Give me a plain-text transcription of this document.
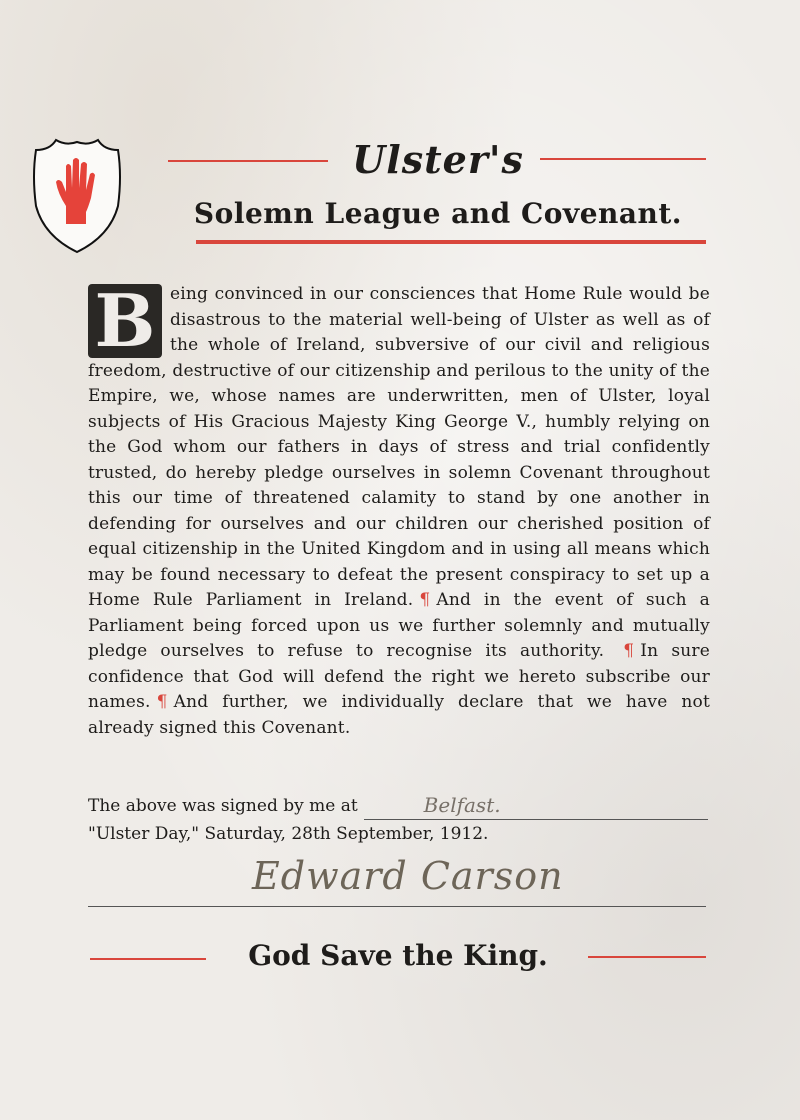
Ulster's
Solemn League and Covenant.
B eing convinced in our consciences that Home Rule would be disastrous to the material well-being of Ulster as well as of the whole of Ireland, subversive of our civil and religious freedom, destructive of our citizenship and perilous to the unity of the Empire, we, whose names are underwritten, men of Ulster, loyal subjects of His Gracious Majesty King George V., humbly relying on the God whom our fathers in days of stress and trial confidently trusted, do hereby pledge ourselves in solemn Covenant throughout this our time of threatened calamity to stand by one another in defending for ourselves and our children our cherished position of equal citizenship in the United Kingdom and in using all means which may be found necessary to defeat the present conspiracy to set up a Home Rule Parliament in Ireland. ¶ And in the event of such a Parliament being forced upon us we further solemnly and mutually pledge ourselves to refuse to recognise its authority. ¶ In sure confidence that God will defend the right we hereto subscribe our names. ¶ And further, we individually declare that we have not already signed this Covenant.
The above was signed by me at	Belfast.
"Ulster Day," Saturday, 28th September, 1912.
Edward Carson
God Save the King.
